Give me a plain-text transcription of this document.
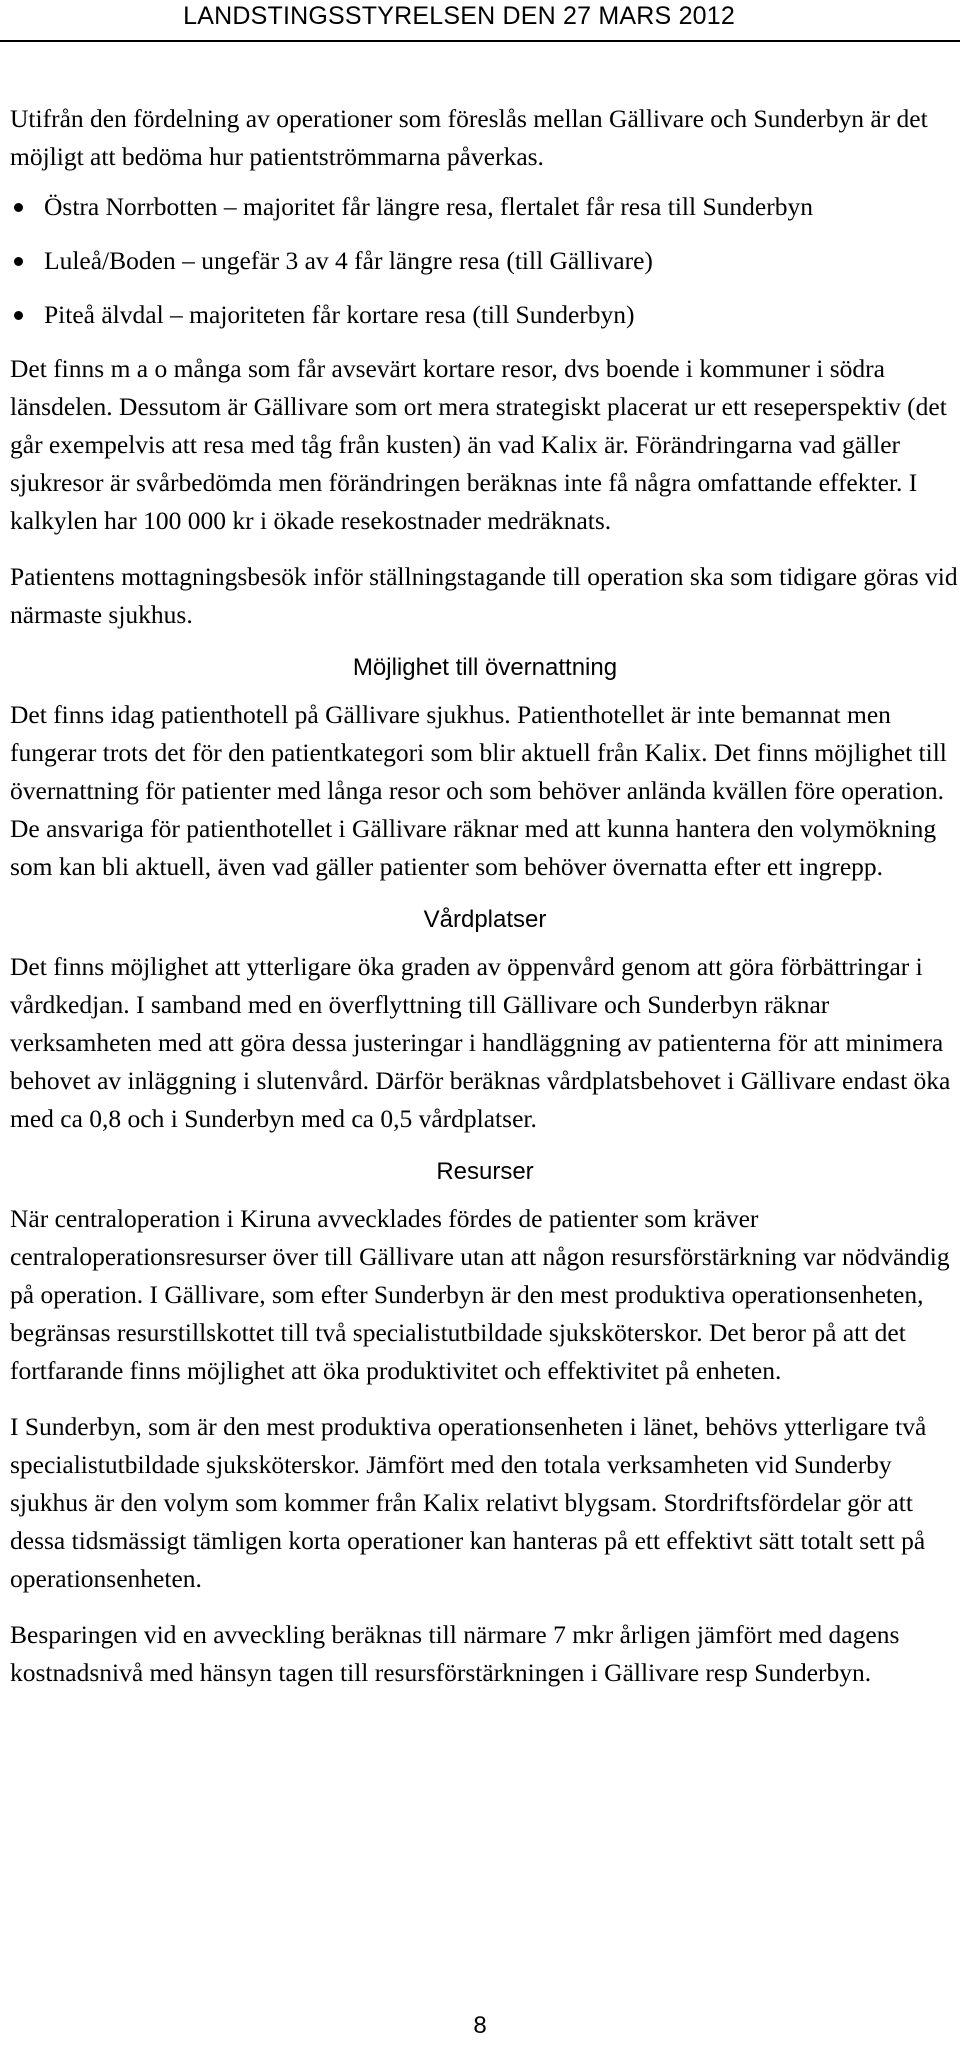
LANDSTINGSSTYRELSEN DEN 27 MARS 2012

Utifrån den fördelning av operationer som föreslås mellan Gällivare och Sunderbyn är det möjligt att bedöma hur patientströmmarna påverkas.

Östra Norrbotten – majoritet får längre resa, flertalet får resa till Sunderbyn
Luleå/Boden – ungefär 3 av 4 får längre resa (till Gällivare)
Piteå älvdal – majoriteten får kortare resa (till Sunderbyn)

Det finns m a o många som får avsevärt kortare resor, dvs boende i kommuner i södra länsdelen. Dessutom är Gällivare som ort mera strategiskt placerat ur ett reseperspektiv (det går exempelvis att resa med tåg från kusten) än vad Kalix är. Förändringarna vad gäller sjukresor är svårbedömda men förändringen beräknas inte få några omfattande effekter. I kalkylen har 100 000 kr i ökade resekostnader medräknats.

Patientens mottagningsbesök inför ställningstagande till operation ska som tidigare göras vid närmaste sjukhus.

Möjlighet till övernattning

Det finns idag patienthotell på Gällivare sjukhus. Patienthotellet är inte bemannat men fungerar trots det för den patientkategori som blir aktuell från Kalix. Det finns möjlighet till övernattning för patienter med långa resor och som behöver anlända kvällen före operation. De ansvariga för patienthotellet i Gällivare räknar med att kunna hantera den volymökning som kan bli aktuell, även vad gäller patienter som behöver övernatta efter ett ingrepp.

Vårdplatser

Det finns möjlighet att ytterligare öka graden av öppenvård genom att göra förbättringar i vårdkedjan. I samband med en överflyttning till Gällivare och Sunderbyn räknar verksamheten med att göra dessa justeringar i handläggning av patienterna för att minimera behovet av inläggning i slutenvård. Därför beräknas vårdplatsbehovet i Gällivare endast öka med ca 0,8 och i Sunderbyn med ca 0,5 vårdplatser.

Resurser

När centraloperation i Kiruna avvecklades fördes de patienter som kräver centraloperationsresurser över till Gällivare utan att någon resursförstärkning var nödvändig på operation. I Gällivare, som efter Sunderbyn är den mest produktiva operationsenheten, begränsas resurstillskottet till två specialistutbildade sjuksköterskor. Det beror på att det fortfarande finns möjlighet att öka produktivitet och effektivitet på enheten.

I Sunderbyn, som är den mest produktiva operationsenheten i länet, behövs ytterligare två specialistutbildade sjuksköterskor. Jämfört med den totala verksamheten vid Sunderby sjukhus är den volym som kommer från Kalix relativt blygsam. Stordriftsfördelar gör att dessa tidsmässigt tämligen korta operationer kan hanteras på ett effektivt sätt totalt sett på operationsenheten.

Besparingen vid en avveckling beräknas till närmare 7 mkr årligen jämfört med dagens kostnadsnivå med hänsyn tagen till resursförstärkningen i Gällivare resp Sunderbyn.

8
